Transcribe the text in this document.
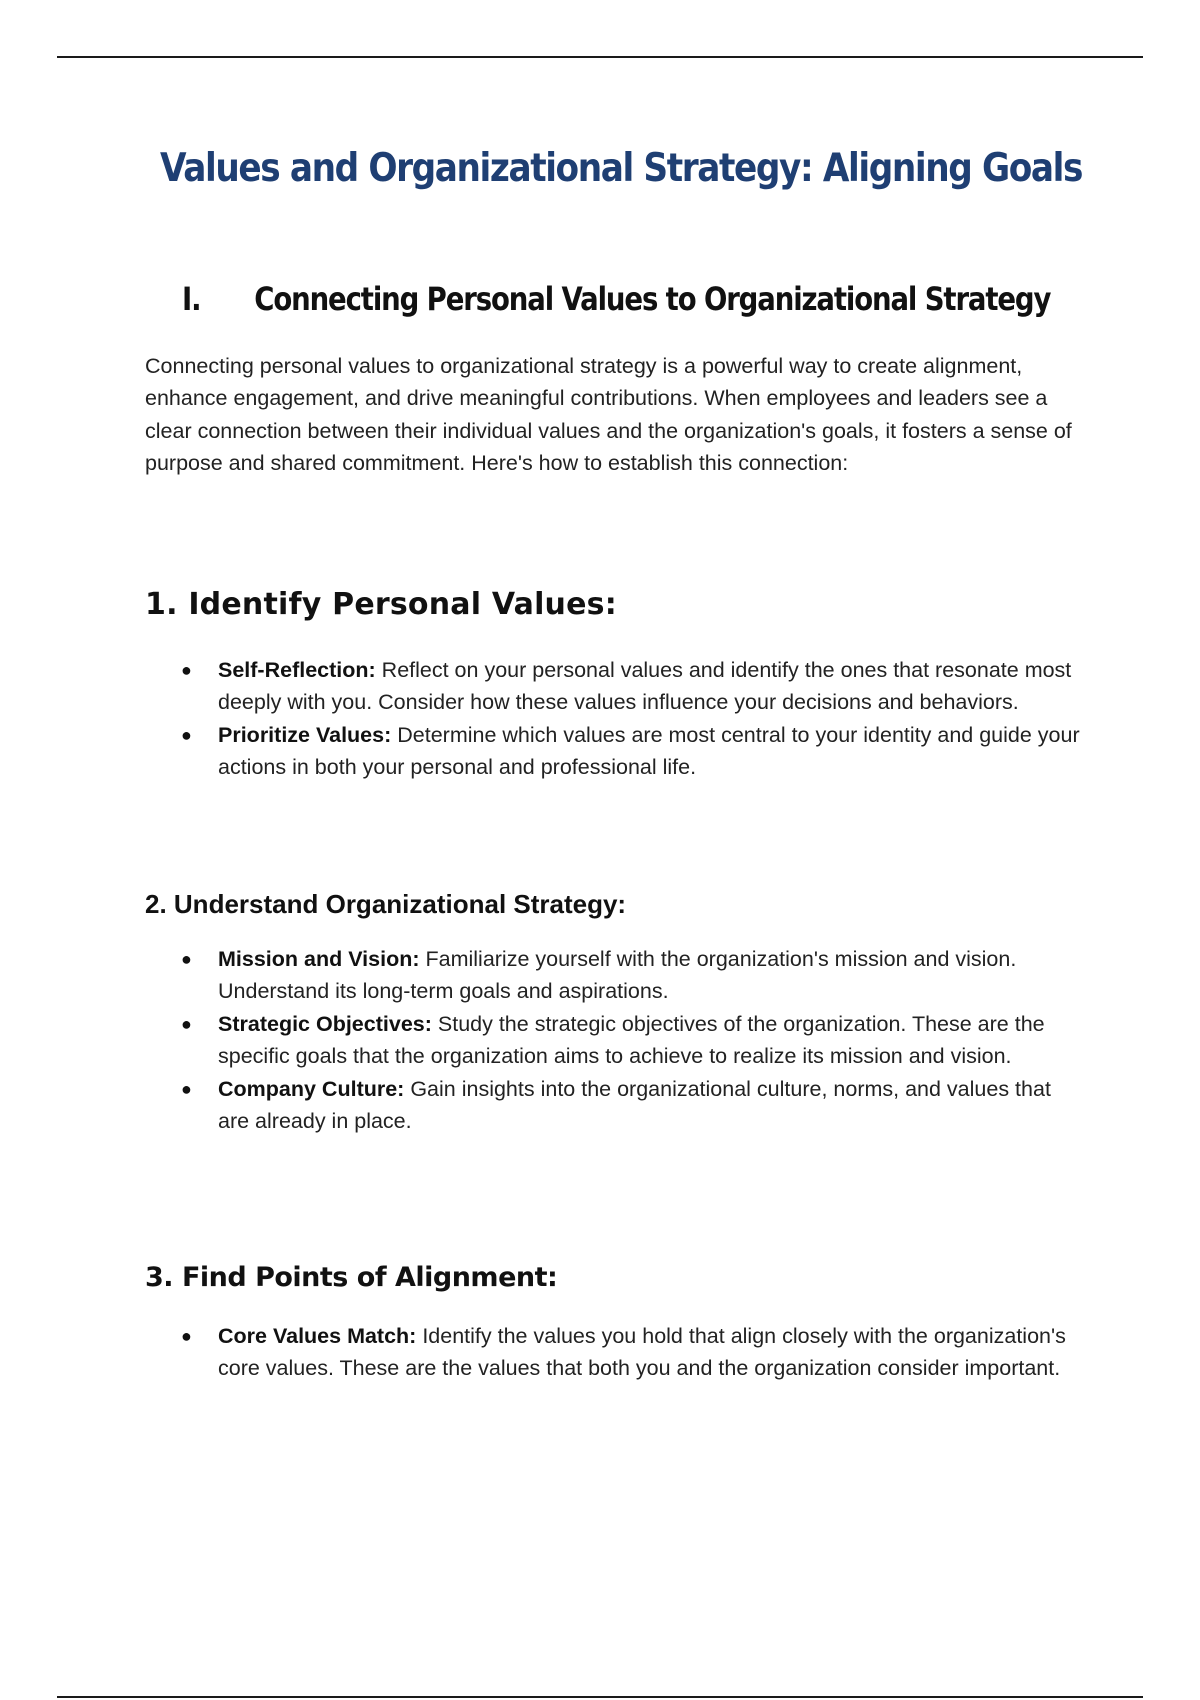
Values and Organizational Strategy: Aligning Goals
I. Connecting Personal Values to Organizational Strategy

Connecting personal values to organizational strategy is a powerful way to create alignment, enhance engagement, and drive meaningful contributions. When employees and leaders see a clear connection between their individual values and the organization's goals, it fosters a sense of purpose and shared commitment. Here's how to establish this connection:

1. Identify Personal Values:
● Self-Reflection: Reflect on your personal values and identify the ones that resonate most deeply with you. Consider how these values influence your decisions and behaviors.
● Prioritize Values: Determine which values are most central to your identity and guide your actions in both your personal and professional life.
2. Understand Organizational Strategy:
● Mission and Vision: Familiarize yourself with the organization's mission and vision. Understand its long-term goals and aspirations.
● Strategic Objectives: Study the strategic objectives of the organization. These are the specific goals that the organization aims to achieve to realize its mission and vision.
● Company Culture: Gain insights into the organizational culture, norms, and values that are already in place.
3. Find Points of Alignment:
● Core Values Match: Identify the values you hold that align closely with the organization's core values. These are the values that both you and the organization consider important.
